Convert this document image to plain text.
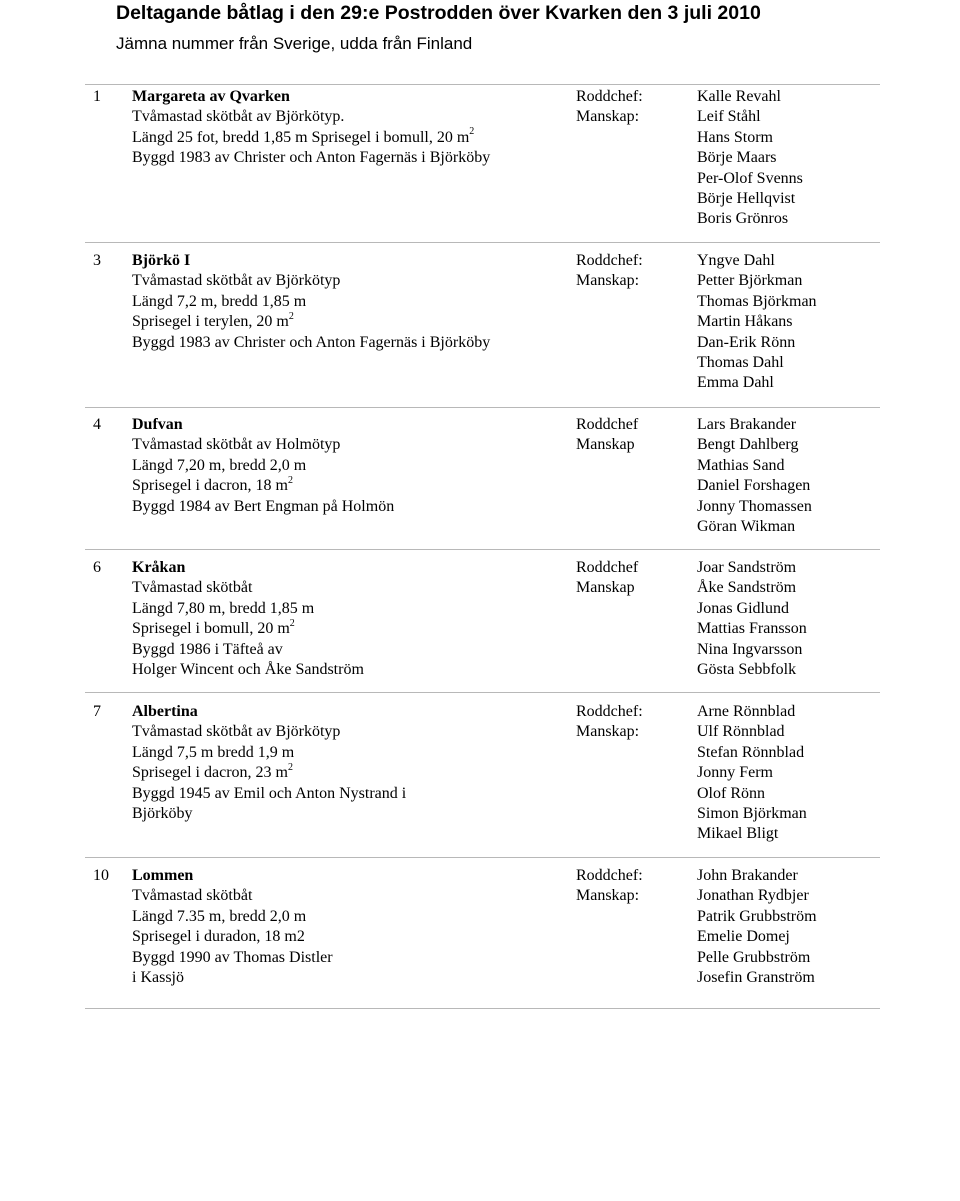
Deltagande båtlag i den 29:e Postrodden över Kvarken den 3 juli 2010
Jämna nummer från Sverige, udda från Finland
1 Margareta av Qvarken
Tvåmastad skötbåt av Björkötyp.
Längd 25 fot, bredd 1,85 m Sprisegel i bomull, 20 $m^2$
Byggd 1983 av Christer och Anton Fagernäs i Björköby
Roddchef:
Manskap:
Kalle Revahl
Leif Ståhl
Hans Storm
Börje Maars
Per-Olof Svenns
Börje Hellqvist
Boris Grönros
3 Björkö I
Tvåmastad skötbåt av Björkötyp
Längd 7,2 m, bredd 1,85 m
Sprisegel i terylen, 20 $m^2$
Byggd 1983 av Christer och Anton Fagernäs i Björköby
Roddchef:
Manskap:
Yngve Dahl
Petter Björkman
Thomas Björkman
Martin Håkans
Dan-Erik Rönn
Thomas Dahl
Emma Dahl
4 Dufvan
Tvåmastad skötbåt av Holmötyp
Längd 7,20 m, bredd 2,0 m
Sprisegel i dacron, 18 $m^2$
Byggd 1984 av Bert Engman på Holmön
Roddchef
Manskap
Lars Brakander
Bengt Dahlberg
Mathias Sand
Daniel Forshagen
Jonny Thomassen
Göran Wikman
6 Kråkan
Tvåmastad skötbåt
Längd 7,80 m, bredd 1,85 m
Sprisegel i bomull, 20 $m^2$
Byggd 1986 i Täfteå av
Holger Wincent och Åke Sandström
Roddchef
Manskap
Joar Sandström
Åke Sandström
Jonas Gidlund
Mattias Fransson
Nina Ingvarsson
Gösta Sebbfolk
7 Albertina
Tvåmastad skötbåt av Björkötyp
Längd 7,5 m bredd 1,9 m
Sprisegel i dacron, 23 $m^2$
Byggd 1945 av Emil och Anton Nystrand i
Björköby
Roddchef:
Manskap:
Arne Rönnblad
Ulf Rönnblad
Stefan Rönnblad
Jonny Ferm
Olof Rönn
Simon Björkman
Mikael Bligt
10 Lommen
Tvåmastad skötbåt
Längd 7.35 m, bredd 2,0 m
Sprisegel i duradon, 18 m2
Byggd 1990 av Thomas Distler
i Kassjö
Roddchef:
Manskap:
John Brakander
Jonathan Rydbjer
Patrik Grubbström
Emelie Domej
Pelle Grubbström
Josefin Granström
